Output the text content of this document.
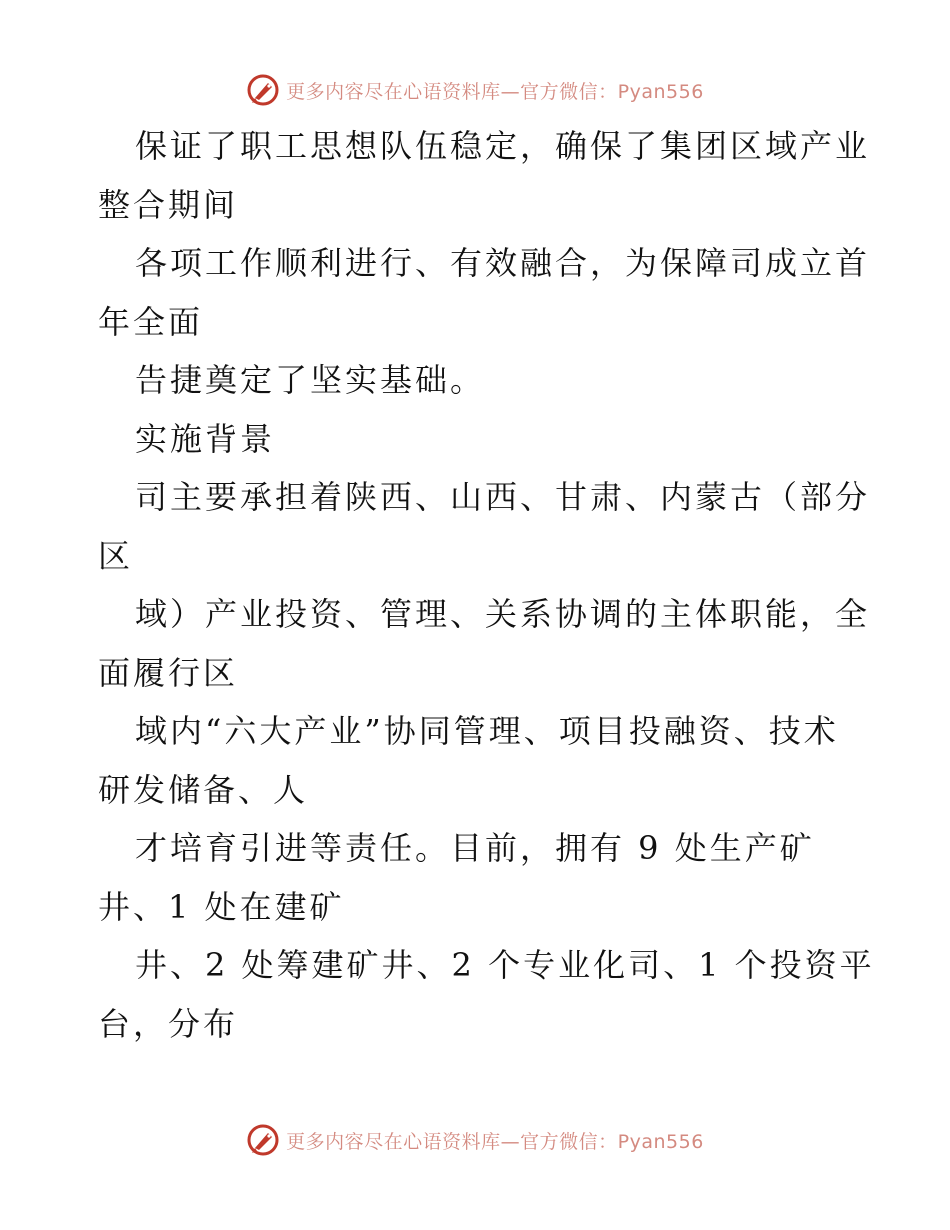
更多内容尽在心语资料库—官方微信：Pyan556
保证了职工思想队伍稳定，确保了集团区域产业
整合期间
各项工作顺利进行、有效融合，为保障司成立首
年全面
告捷奠定了坚实基础。
实施背景
司主要承担着陕西、山西、甘肃、内蒙古（部分
区
域）产业投资、管理、关系协调的主体职能，全
面履行区
域内“六大产业”协同管理、项目投融资、技术
研发储备、人
才培育引进等责任。目前，拥有 9 处生产矿
井、1 处在建矿
井、2 处筹建矿井、2 个专业化司、1 个投资平
台，分布
更多内容尽在心语资料库—官方微信：Pyan556
